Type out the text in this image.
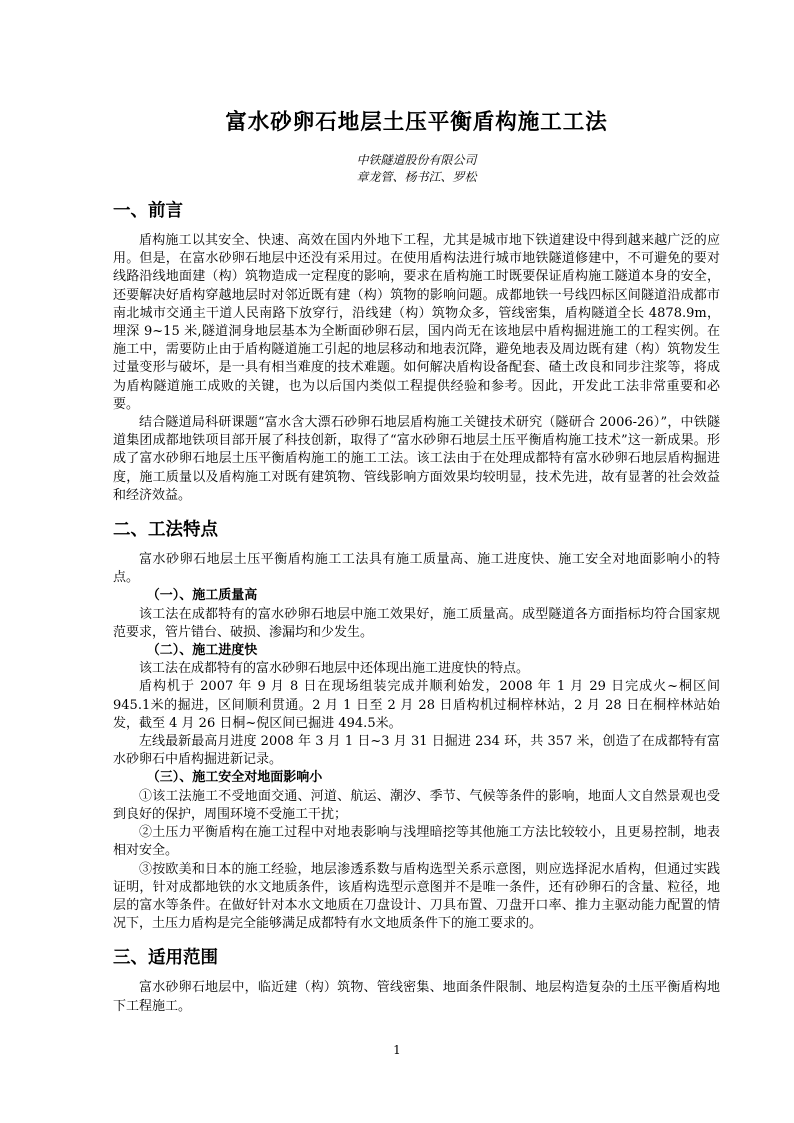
富水砂卵石地层土压平衡盾构施工工法
中铁隧道股份有限公司
章龙管、杨书江、罗松
一、前言

盾构施工以其安全、快速、高效在国内外地下工程，尤其是城市地下铁道建设中得到越来越广泛的应用。但是，在富水砂卵石地层中还没有采用过。在使用盾构法进行城市地铁隧道修建中，不可避免的要对线路沿线地面建（构）筑物造成一定程度的影响，要求在盾构施工时既要保证盾构施工隧道本身的安全，还要解决好盾构穿越地层时对邻近既有建（构）筑物的影响问题。成都地铁一号线四标区间隧道沿成都市南北城市交通主干道人民南路下放穿行，沿线建（构）筑物众多，管线密集，盾构隧道全长 4878.9m，埋深 9~15 米,隧道洞身地层基本为全断面砂卵石层，国内尚无在该地层中盾构掘进施工的工程实例。在施工中，需要防止由于盾构隧道施工引起的地层移动和地表沉降，避免地表及周边既有建（构）筑物发生过量变形与破坏，是一具有相当难度的技术难题。如何解决盾构设备配套、碴土改良和同步注浆等，将成为盾构隧道施工成败的关键，也为以后国内类似工程提供经验和参考。因此，开发此工法非常重要和必要。

结合隧道局科研课题“富水含大漂石砂卵石地层盾构施工关键技术研究（隧研合 2006-26）”，中铁隧道集团成都地铁项目部开展了科技创新，取得了“富水砂卵石地层土压平衡盾构施工技术”这一新成果。形成了富水砂卵石地层土压平衡盾构施工的施工工法。该工法由于在处理成都特有富水砂卵石地层盾构掘进度，施工质量以及盾构施工对既有建筑物、管线影响方面效果均较明显，技术先进，故有显著的社会效益和经济效益。

二、工法特点

富水砂卵石地层土压平衡盾构施工工法具有施工质量高、施工进度快、施工安全对地面影响小的特点。

（一）、施工质量高

该工法在成都特有的富水砂卵石地层中施工效果好，施工质量高。成型隧道各方面指标均符合国家规范要求，管片错台、破损、渗漏均和少发生。

（二）、施工进度快

该工法在成都特有的富水砂卵石地层中还体现出施工进度快的特点。

盾构机于 2007 年 9 月 8 日在现场组装完成并顺利始发，2008 年 1 月 29 日完成火~桐区间 945.1米的掘进，区间顺利贯通。2 月 1 日至 2 月 28 日盾构机过桐梓林站，2 月 28 日在桐梓林站始发，截至 4 月 26 日桐~倪区间已掘进 494.5米。

左线最新最高月进度 2008 年 3 月 1 日~3 月 31 日掘进 234 环，共 357 米，创造了在成都特有富水砂卵石中盾构掘进新记录。

（三）、施工安全对地面影响小

①该工法施工不受地面交通、河道、航运、潮汐、季节、气候等条件的影响，地面人文自然景观也受到良好的保护，周围环境不受施工干扰；

②土压力平衡盾构在施工过程中对地表影响与浅埋暗挖等其他施工方法比较较小，且更易控制，地表相对安全。

③按欧美和日本的施工经验，地层渗透系数与盾构选型关系示意图，则应选择泥水盾构，但通过实践证明，针对成都地铁的水文地质条件，该盾构选型示意图并不是唯一条件，还有砂卵石的含量、粒径，地层的富水等条件。在做好针对本水文地质在刀盘设计、刀具布置、刀盘开口率、推力主驱动能力配置的情况下，土压力盾构是完全能够满足成都特有水文地质条件下的施工要求的。

三、适用范围

富水砂卵石地层中，临近建（构）筑物、管线密集、地面条件限制、地层构造复杂的土压平衡盾构地下工程施工。

1
